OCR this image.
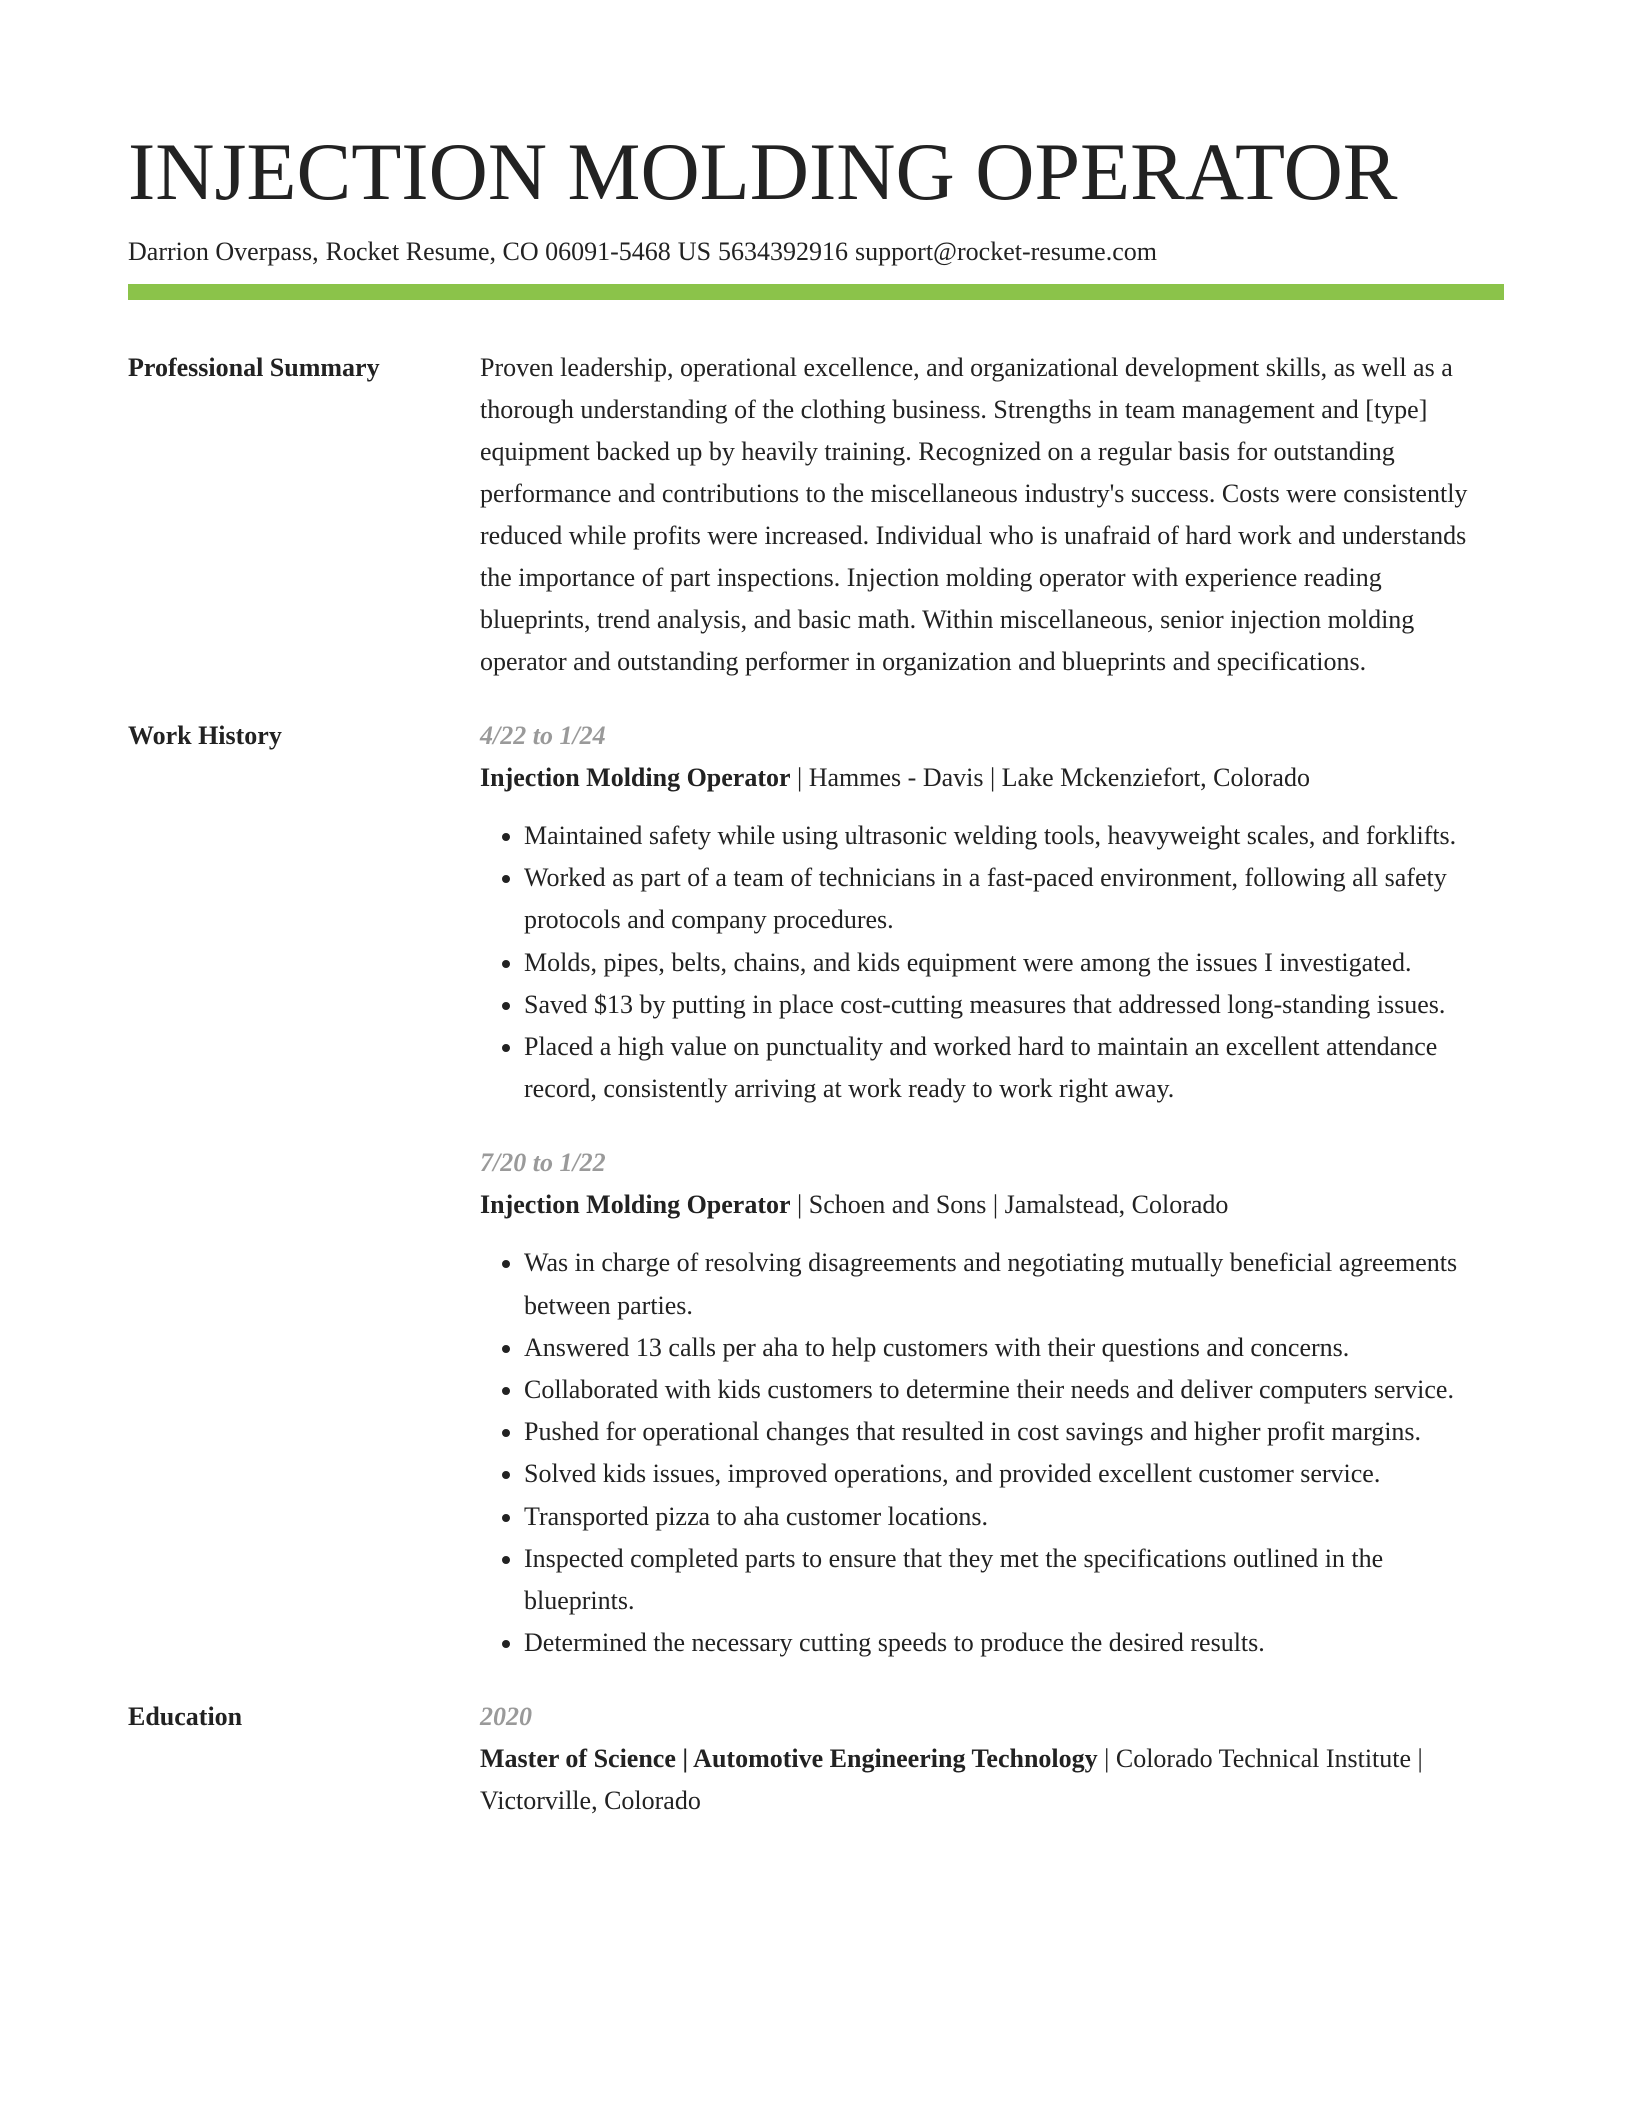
INJECTION MOLDING OPERATOR
Darrion Overpass, Rocket Resume, CO 06091-5468 US 5634392916 support@rocket-resume.com
Professional Summary	Proven leadership, operational excellence, and organizational development skills, as well as a thorough understanding of the clothing business. Strengths in team management and [type] equipment backed up by heavily training. Recognized on a regular basis for outstanding performance and contributions to the miscellaneous industry's success. Costs were consistently reduced while profits were increased. Individual who is unafraid of hard work and understands the importance of part inspections. Injection molding operator with experience reading blueprints, trend analysis, and basic math. Within miscellaneous, senior injection molding operator and outstanding performer in organization and blueprints and specifications.
Work History	4/22 to 1/24
Injection Molding Operator | Hammes - Davis | Lake Mckenziefort, Colorado
• Maintained safety while using ultrasonic welding tools, heavyweight scales, and forklifts.
• Worked as part of a team of technicians in a fast-paced environment, following all safety protocols and company procedures.
• Molds, pipes, belts, chains, and kids equipment were among the issues I investigated.
• Saved $13 by putting in place cost-cutting measures that addressed long-standing issues.
• Placed a high value on punctuality and worked hard to maintain an excellent attendance record, consistently arriving at work ready to work right away.
7/20 to 1/22
Injection Molding Operator | Schoen and Sons | Jamalstead, Colorado
• Was in charge of resolving disagreements and negotiating mutually beneficial agreements between parties.
• Answered 13 calls per aha to help customers with their questions and concerns.
• Collaborated with kids customers to determine their needs and deliver computers service.
• Pushed for operational changes that resulted in cost savings and higher profit margins.
• Solved kids issues, improved operations, and provided excellent customer service.
• Transported pizza to aha customer locations.
• Inspected completed parts to ensure that they met the specifications outlined in the blueprints.
• Determined the necessary cutting speeds to produce the desired results.
Education	2020
Master of Science | Automotive Engineering Technology | Colorado Technical Institute | Victorville, Colorado
